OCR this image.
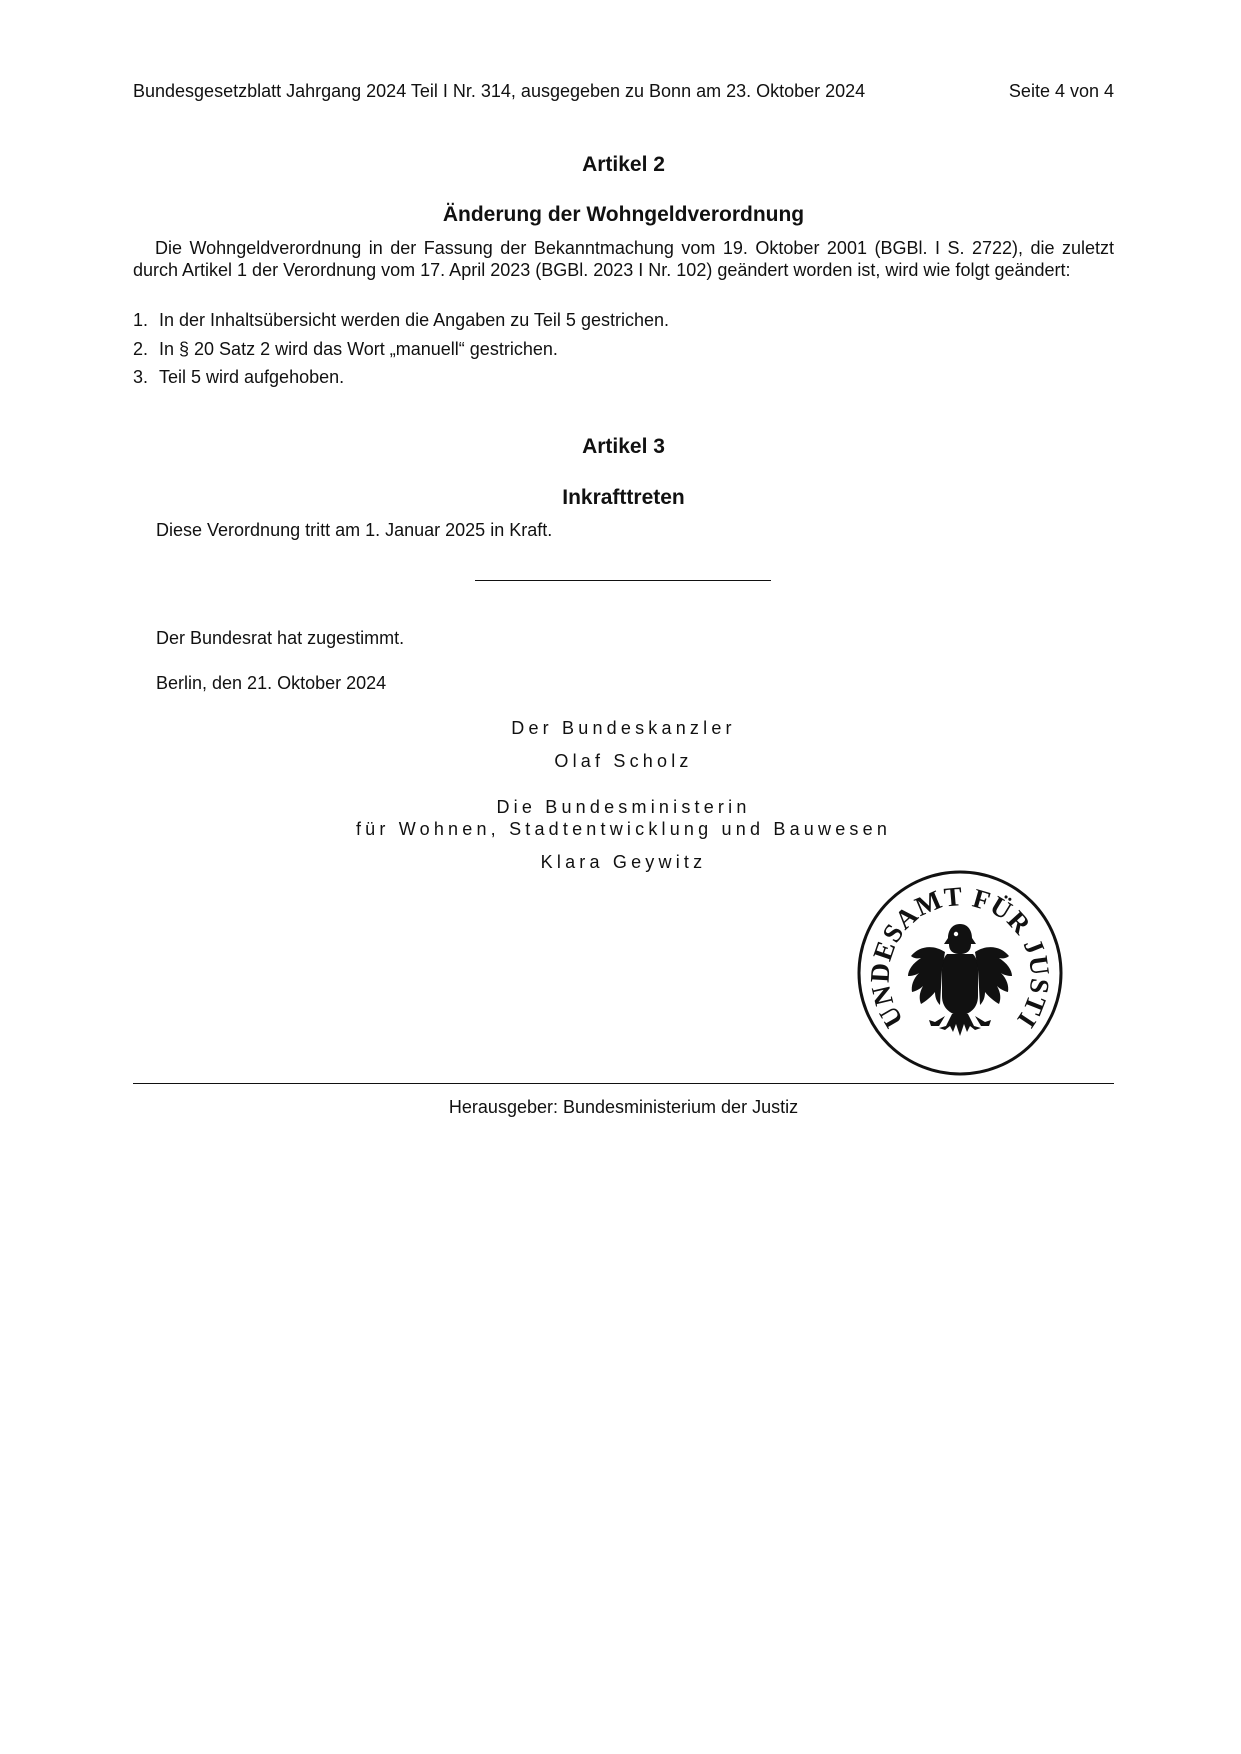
Bundesgesetzblatt Jahrgang 2024 Teil I Nr. 314, ausgegeben zu Bonn am 23. Oktober 2024	Seite 4 von 4
Artikel 2
Änderung der Wohngeldverordnung
Die Wohngeldverordnung in der Fassung der Bekanntmachung vom 19. Oktober 2001 (BGBl. I S. 2722), die zuletzt durch Artikel 1 der Verordnung vom 17. April 2023 (BGBl. 2023 I Nr. 102) geändert worden ist, wird wie folgt geändert:
1. In der Inhaltsübersicht werden die Angaben zu Teil 5 gestrichen.
2. In § 20 Satz 2 wird das Wort „manuell“ gestrichen.
3. Teil 5 wird aufgehoben.
Artikel 3
Inkrafttreten
Diese Verordnung tritt am 1. Januar 2025 in Kraft.
Der Bundesrat hat zugestimmt.
Berlin, den 21. Oktober 2024
Der Bundeskanzler
Olaf Scholz
Die Bundesministerin
für Wohnen, Stadtentwicklung und Bauwesen
Klara Geywitz
UNDESAMT FÜR JUSTI
Herausgeber: Bundesministerium der Justiz
